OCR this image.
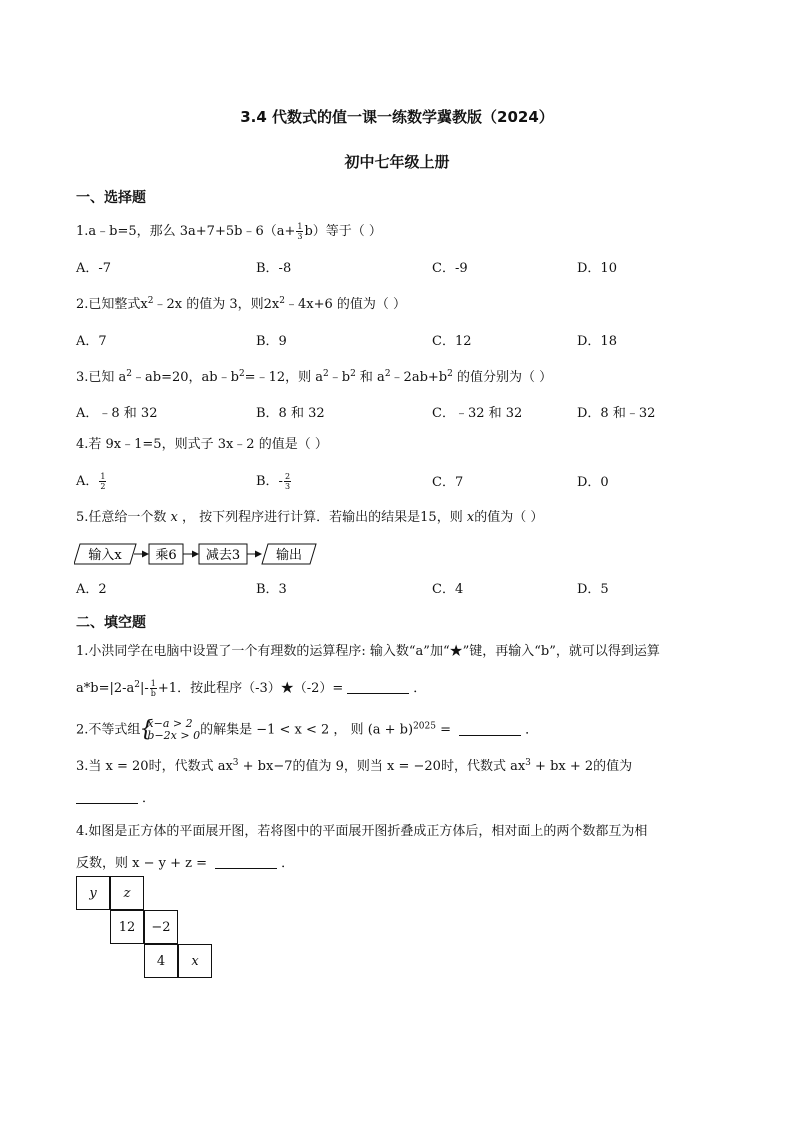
3.4 代数式的值一课一练数学冀教版（2024）
初中七年级上册
一、选择题
1.a﹣b=5，那么 3a+7+5b﹣6（a+ $\frac{1}{3} b$）等于（ ）
A．-7	B．-8	C．-9	D．10
2.已知整式$x^2﹣2x$ 的值为 3，则$2x^2﹣4x+6$ 的值为（ ）
A．7	B．9	C．12	D．18
3.已知 $a^2﹣ab=20$，$ab﹣b^2=﹣12$，则 $a^2﹣b^2$ 和 $a^2﹣2ab+b^2$ 的值分别为（ ）
A．﹣8 和 32	B．8 和 32	C．﹣32 和 32	D．8 和﹣32
4.若 9x﹣1=5，则式子 3x﹣2 的值是（ ）
A． $\frac{1}{2}$	B．- $\frac{2}{3}$	C．7	D．0
5.任意给一个数 x ， 按下列程序进行计算．若输出的结果是15，则 x的值为（ ）
输入x	乘6 减去3	输出
A．2	B．3	C．4	D．5
二、填空题
1.小洪同学在电脑中设置了一个有理数的运算程序: 输入数“a”加“★”键，再输入“b”，就可以得到运算
$a*b=|2-a^2|- \frac{1}{b} +1$．按此程序（-3）★（-2）=	．
2.不等式组
{ x−a > 2
b−2x > 0 的解集是 −1 < x < 2 ， 则 $(a + b)^{2025}$ =	．
3.当 x = 20时，代数式 $ax^3 + bx-7$的值为 9，则当 x = −20时，代数式 $ax^3$ + bx + 2的值为
．
4.如图是正方体的平面展开图，若将图中的平面展开图折叠成正方体后，相对面上的两个数都互为相
反数，则 x − y + z =	．
y	z
12	−2
4	x
